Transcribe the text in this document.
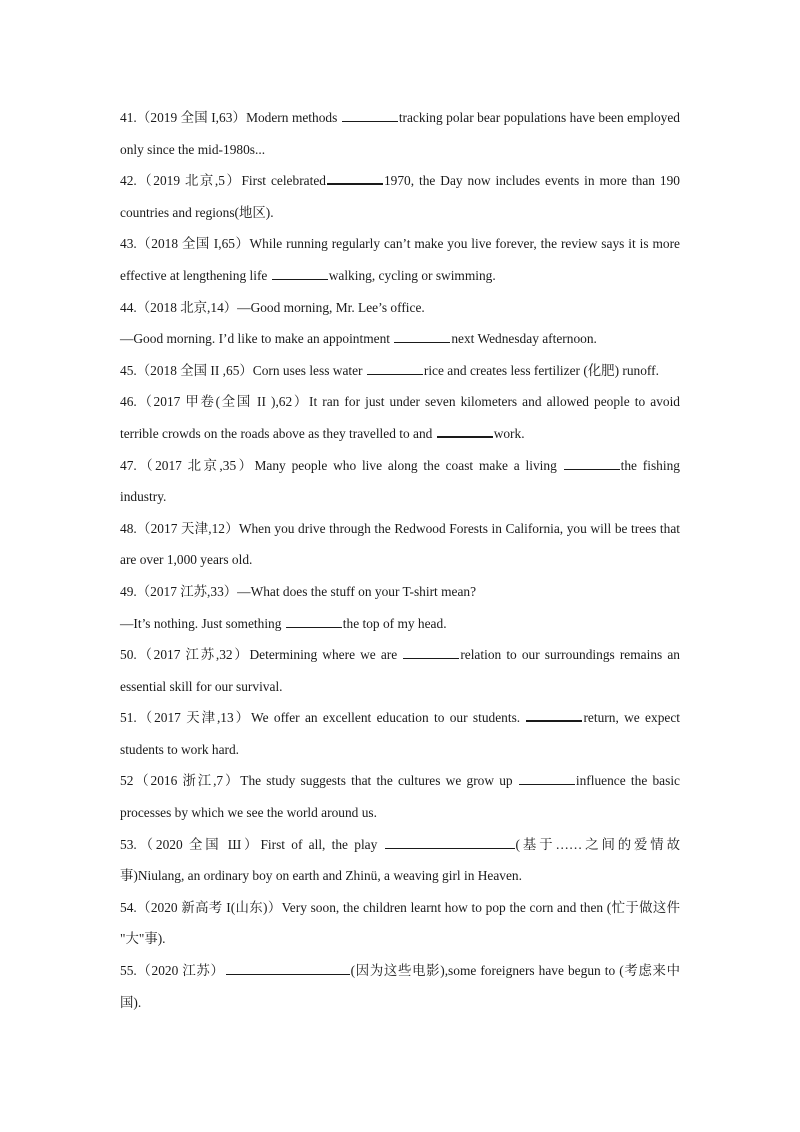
41.（2019 全国 I,63）Modern methods	tracking polar bear populations have been employed only since the mid-1980s...

42.（2019 北京,5）First celebrated	1970, the Day now includes events in more than 190 countries and regions(地区).

43.（2018 全国 I,65）While running regularly can’t make you live forever, the review says it is more effective at lengthening life	walking, cycling or swimming.

44.（2018 北京,14）—Good morning, Mr. Lee’s office.
—Good morning. I’d like to make an appointment	next Wednesday afternoon.

45.（2018 全国 II ,65）Corn uses less water	rice and creates less fertilizer (化肥) runoff.

46.（2017 甲卷(全国 II ),62）It ran for just under seven kilometers and allowed people to avoid terrible crowds on the roads above as they travelled to and	work.

47.（2017 北京,35）Many people who live along the coast make a living	the fishing industry.

48.（2017 天津,12）When you drive through the Redwood Forests in California, you will be trees that are over 1,000 years old.

49.（2017 江苏,33）—What does the stuff on your T-shirt mean?
—It’s nothing. Just something	the top of my head.

50.（2017 江苏,32）Determining where we are	relation to our surroundings remains an essential skill for our survival.

51.（2017 天津,13）We offer an excellent education to our students.	return, we expect students to work hard.

52（2016 浙江,7）The study suggests that the cultures we grow up	influence the basic processes by which we see the world around us.

53.（2020 全国 Ш）First of all, the play	(基于……之间的爱情故事)Niulang, an ordinary boy on earth and Zhinü, a weaving girl in Heaven.

54.（2020 新高考 I(山东)）Very soon, the children learnt how to pop the corn and then (忙于做这件 "大"事).

55.（2020 江苏）	(因为这些电影),some foreigners have begun to (考虑来中国).
